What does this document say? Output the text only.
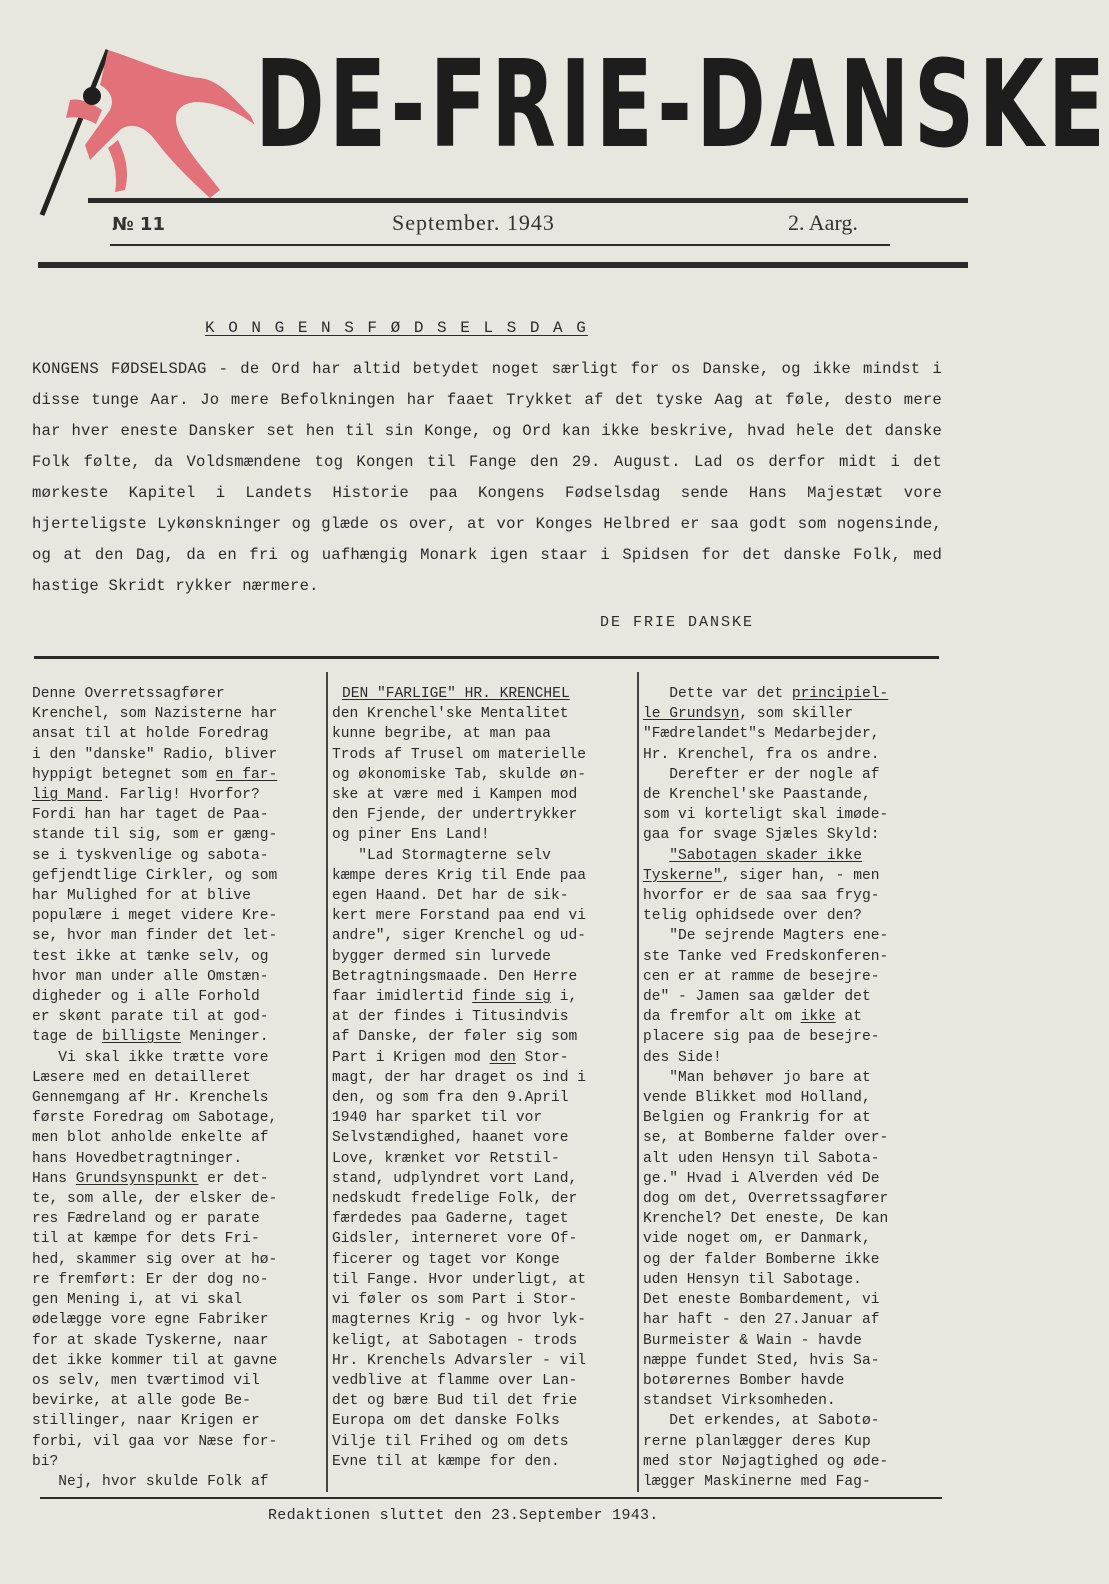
DE-FRIE-DANSKE
№ 11	September. 1943	2. Aarg.
K O N G E N S F Ø D S E L S D A G
KONGENS FØDSELSDAG - de Ord har altid betydet noget særligt for os Danske, og ikke mindst i disse tunge Aar. Jo mere Befolkningen har faaet Trykket af det tyske Aag at føle, desto mere har hver eneste Dansker set hen til sin Konge, og Ord kan ikke beskrive, hvad hele det danske Folk følte, da Voldsmændene tog Kongen til Fange den 29. August. Lad os derfor midt i det mørkeste Kapitel i Landets Historie paa Kongens Fødselsdag sende Hans Majestæt vore hjerteligste Lykønskninger og glæde os over, at vor Konges Helbred er saa godt som nogensinde, og at den Dag, da en fri og uafhængig Monark igen staar i Spidsen for det danske Folk, med hastige Skridt rykker nærmere.
DE FRIE DANSKE
Denne Overretssagfører
Krenchel, som Nazisterne har
ansat til at holde Foredrag
i den "danske" Radio, bliver
hyppigt betegnet som en far-
lig Mand. Farlig! Hvorfor?
Fordi han har taget de Paa-
stande til sig, som er gæng-
se i tyskvenlige og sabota-
gefjendtlige Cirkler, og som
har Mulighed for at blive
populære i meget videre Kre-
se, hvor man finder det let-
test ikke at tænke selv, og
hvor man under alle Omstæn-
digheder og i alle Forhold
er skønt parate til at god-
tage de billigste Meninger.
Vi skal ikke trætte vore
Læsere med en detailleret
Gennemgang af Hr. Krenchels
første Foredrag om Sabotage,
men blot anholde enkelte af
hans Hovedbetragtninger.
Hans Grundsynspunkt er det-
te, som alle, der elsker de-
res Fædreland og er parate
til at kæmpe for dets Fri-
hed, skammer sig over at hø-
re fremført: Er der dog no-
gen Mening i, at vi skal
ødelægge vore egne Fabriker
for at skade Tyskerne, naar
det ikke kommer til at gavne
os selv, men tværtimod vil
bevirke, at alle gode Be-
stillinger, naar Krigen er
forbi, vil gaa vor Næse for-
bi?
Nej, hvor skulde Folk af
DEN "FARLIGE" HR. KRENCHEL
den Krenchel'ske Mentalitet
kunne begribe, at man paa
Trods af Trusel om materielle
og økonomiske Tab, skulde øn-
ske at være med i Kampen mod
den Fjende, der undertrykker
og piner Ens Land!
"Lad Stormagterne selv
kæmpe deres Krig til Ende paa
egen Haand. Det har de sik-
kert mere Forstand paa end vi
andre", siger Krenchel og ud-
bygger dermed sin lurvede
Betragtningsmaade. Den Herre
faar imidlertid finde sig i,
at der findes i Titusindvis
af Danske, der føler sig som
Part i Krigen mod den Stor-
magt, der har draget os ind i
den, og som fra den 9.April
1940 har sparket til vor
Selvstændighed, haanet vore
Love, krænket vor Retstil-
stand, udplyndret vort Land,
nedskudt fredelige Folk, der
færdedes paa Gaderne, taget
Gidsler, interneret vore Of-
ficerer og taget vor Konge
til Fange. Hvor underligt, at
vi føler os som Part i Stor-
magternes Krig - og hvor lyk-
keligt, at Sabotagen - trods
Hr. Krenchels Advarsler - vil
vedblive at flamme over Lan-
det og bære Bud til det frie
Europa om det danske Folks
Vilje til Frihed og om dets
Evne til at kæmpe for den.
Dette var det principiel-
le Grundsyn, som skiller
"Fædrelandet"s Medarbejder,
Hr. Krenchel, fra os andre.
Derefter er der nogle af
de Krenchel'ske Paastande,
som vi korteligt skal imøde-
gaa for svage Sjæles Skyld:
"Sabotagen skader ikke
Tyskerne", siger han, - men
hvorfor er de saa saa fryg-
telig ophidsede over den?
"De sejrende Magters ene-
ste Tanke ved Fredskonferen-
cen er at ramme de besejre-
de" - Jamen saa gælder det
da fremfor alt om ikke at
placere sig paa de besejre-
des Side!
"Man behøver jo bare at
vende Blikket mod Holland,
Belgien og Frankrig for at
se, at Bomberne falder over-
alt uden Hensyn til Sabota-
ge." Hvad i Alverden véd De
dog om det, Overretssagfører
Krenchel? Det eneste, De kan
vide noget om, er Danmark,
og der falder Bomberne ikke
uden Hensyn til Sabotage.
Det eneste Bombardement, vi
har haft - den 27.Januar af
Burmeister & Wain - havde
næppe fundet Sted, hvis Sa-
botørernes Bomber havde
standset Virksomheden.
Det erkendes, at Sabotø-
rerne planlægger deres Kup
med stor Nøjagtighed og øde-
lægger Maskinerne med Fag-
Redaktionen sluttet den 23.September 1943.
